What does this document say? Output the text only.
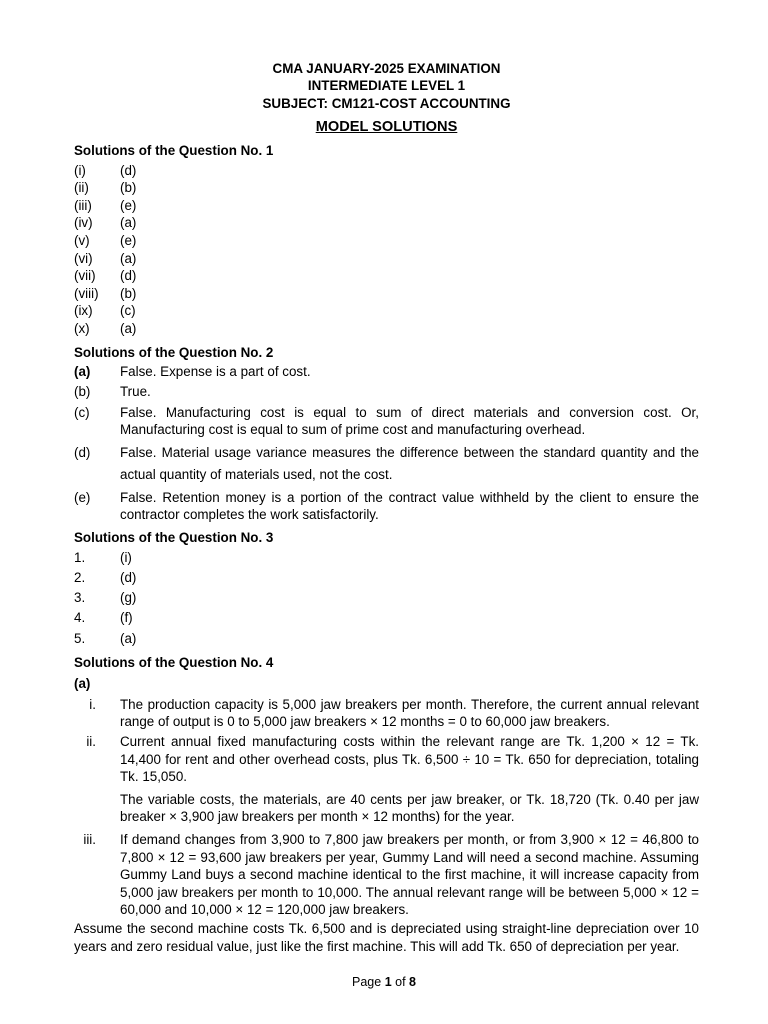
CMA JANUARY-2025 EXAMINATION
INTERMEDIATE LEVEL 1
SUBJECT: CM121-COST ACCOUNTING
MODEL SOLUTIONS
Solutions of the Question No. 1
(i)	(d)
(ii)	(b)
(iii)	(e)
(iv)	(a)
(v)	(e)
(vi)	(a)
(vii)	(d)
(viii)	(b)
(ix)	(c)
(x)	(a)
Solutions of the Question No. 2
(a)	False. Expense is a part of cost.
(b)	True.
(c)	False. Manufacturing cost is equal to sum of direct materials and conversion cost. Or, Manufacturing cost is equal to sum of prime cost and manufacturing overhead.
(d)	False. Material usage variance measures the difference between the standard quantity and the actual quantity of materials used, not the cost.
(e)	False. Retention money is a portion of the contract value withheld by the client to ensure the contractor completes the work satisfactorily.
Solutions of the Question No. 3
1.	(i)
2.	(d)
3.	(g)
4.	(f)
5.	(a)
Solutions of the Question No. 4
(a)
i.	The production capacity is 5,000 jaw breakers per month. Therefore, the current annual relevant range of output is 0 to 5,000 jaw breakers × 12 months = 0 to 60,000 jaw breakers.
ii.	Current annual fixed manufacturing costs within the relevant range are Tk. 1,200 × 12 = Tk. 14,400 for rent and other overhead costs, plus Tk. 6,500 ÷ 10 = Tk. 650 for depreciation, totaling Tk. 15,050.
The variable costs, the materials, are 40 cents per jaw breaker, or Tk. 18,720 (Tk. 0.40 per jaw breaker × 3,900 jaw breakers per month × 12 months) for the year.
iii.	If demand changes from 3,900 to 7,800 jaw breakers per month, or from 3,900 × 12 = 46,800 to 7,800 × 12 = 93,600 jaw breakers per year, Gummy Land will need a second machine. Assuming Gummy Land buys a second machine identical to the first machine, it will increase capacity from 5,000 jaw breakers per month to 10,000. The annual relevant range will be between 5,000 × 12 = 60,000 and 10,000 × 12 = 120,000 jaw breakers.
Assume the second machine costs Tk. 6,500 and is depreciated using straight-line depreciation over 10 years and zero residual value, just like the first machine. This will add Tk. 650 of depreciation per year.
Page 1 of 8
